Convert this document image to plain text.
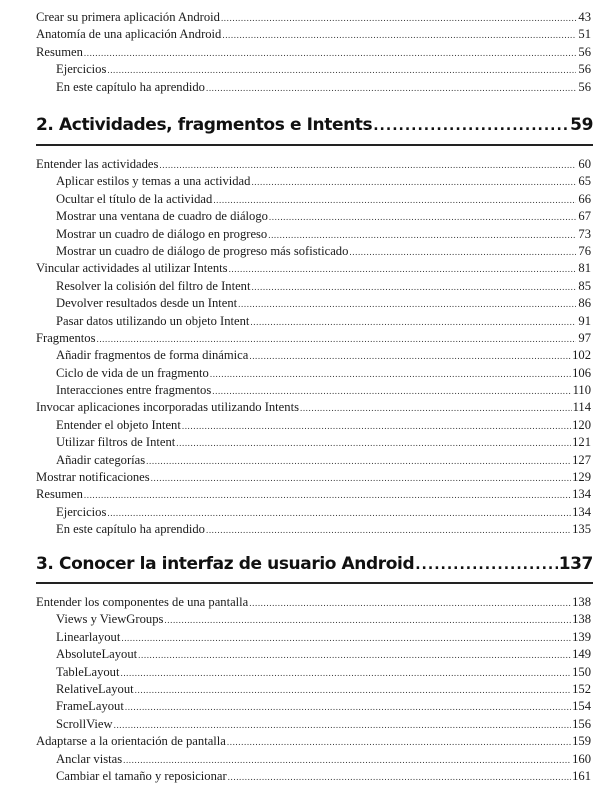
Crear su primera aplicación Android .....	43
Anatomía de una aplicación Android .....	51
Resumen .....	56
Ejercicios .....	56
En este capítulo ha aprendido .....	56
2. Actividades, fragmentos e Intents .....	59
Entender las actividades .....	60
Aplicar estilos y temas a una actividad .....	65
Ocultar el título de la actividad .....	66
Mostrar una ventana de cuadro de diálogo .....	67
Mostrar un cuadro de diálogo en progreso .....	73
Mostrar un cuadro de diálogo de progreso más sofisticado .....	76
Vincular actividades al utilizar Intents .....	81
Resolver la colisión del filtro de Intent .....	85
Devolver resultados desde un Intent .....	86
Pasar datos utilizando un objeto Intent .....	91
Fragmentos .....	97
Añadir fragmentos de forma dinámica .....	102
Ciclo de vida de un fragmento .....	106
Interacciones entre fragmentos .....	110
Invocar aplicaciones incorporadas utilizando Intents .....	114
Entender el objeto Intent .....	120
Utilizar filtros de Intent .....	121
Añadir categorías .....	127
Mostrar notificaciones .....	129
Resumen .....	134
Ejercicios .....	134
En este capítulo ha aprendido .....	135
3. Conocer la interfaz de usuario Android .....	137
Entender los componentes de una pantalla .....	138
Views y ViewGroups .....	138
Linearlayout .....	139
AbsoluteLayout .....	149
TableLayout .....	150
RelativeLayout .....	152
FrameLayout .....	154
ScrollView .....	156
Adaptarse a la orientación de pantalla .....	159
Anclar vistas .....	160
Cambiar el tamaño y reposicionar .....	161
